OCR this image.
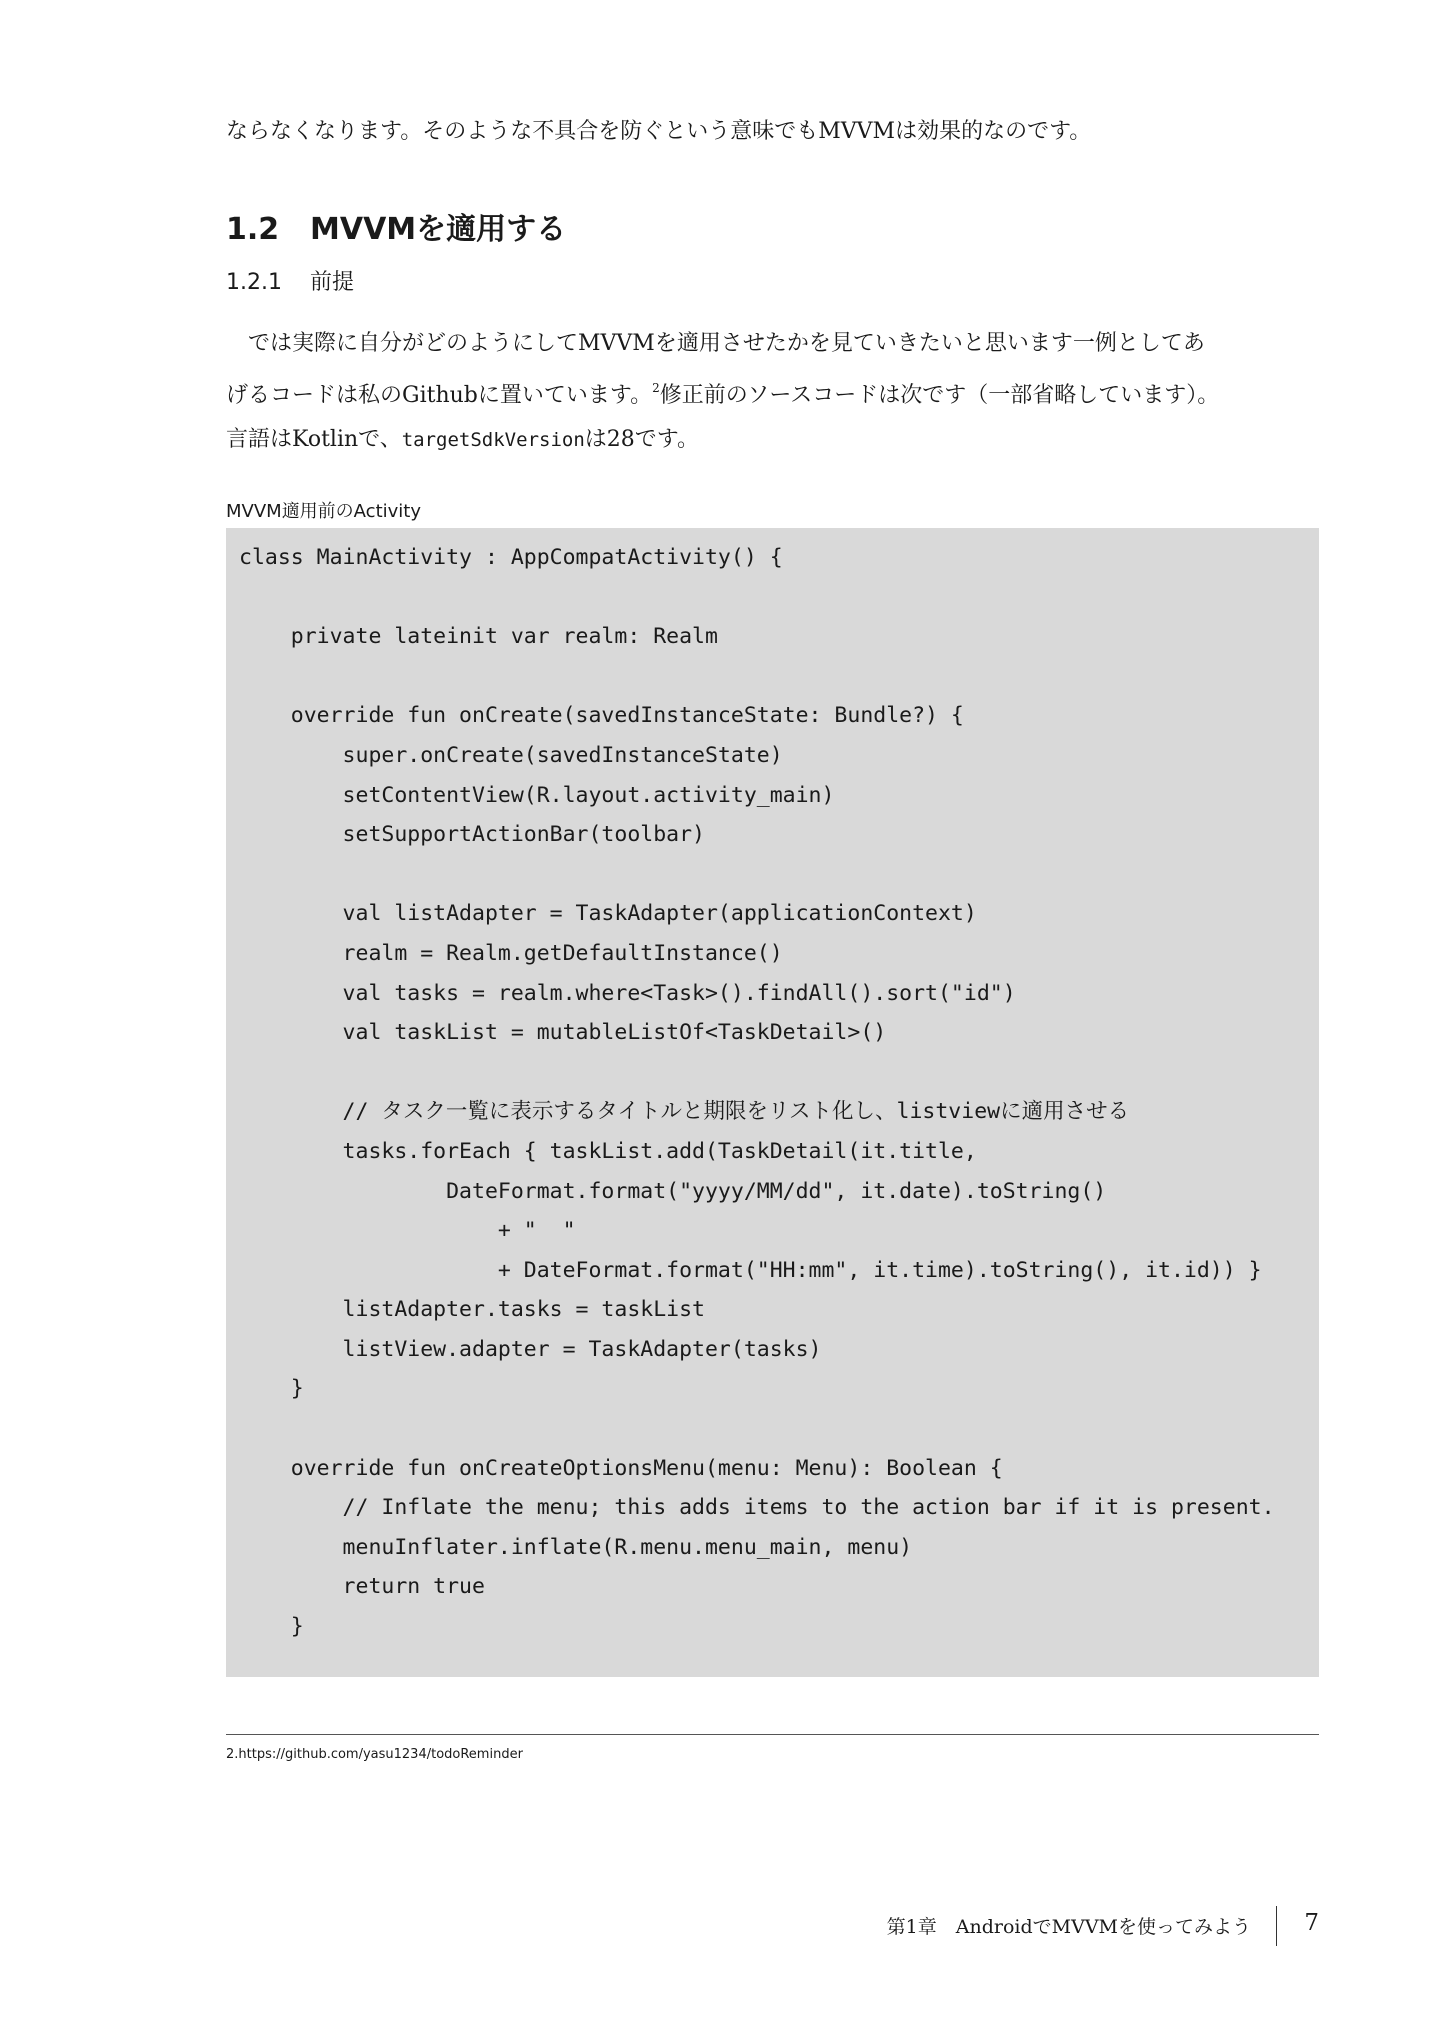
ならなくなります。そのような不具合を防ぐという意味でもMVVMは効果的なのです。

1.2 MVVMを適用する
1.2.1 前提

　では実際に自分がどのようにしてMVVMを適用させたかを見ていきたいと思います一例としてあ
げるコードは私のGithubに置いています。$^2$修正前のソースコードは次です（一部省略しています）。
言語はKotlinで、targetSdkVersionは28です。

MVVM適用前のActivity
class MainActivity : AppCompatActivity() {

private lateinit var realm: Realm

override fun onCreate(savedInstanceState: Bundle?) {
super.onCreate(savedInstanceState)
setContentView(R.layout.activity_main)
setSupportActionBar(toolbar)

val listAdapter = TaskAdapter(applicationContext)
realm = Realm.getDefaultInstance()
val tasks = realm.where<Task>().findAll().sort("id")
val taskList = mutableListOf<TaskDetail>()

// タスク一覧に表示するタイトルと期限をリスト化し、listviewに適用させる
tasks.forEach { taskList.add(TaskDetail(it.title,
DateFormat.format("yyyy/MM/dd", it.date).toString()
+ "  "
+ DateFormat.format("HH:mm", it.time).toString(), it.id)) }
listAdapter.tasks = taskList
listView.adapter = TaskAdapter(tasks)
}

override fun onCreateOptionsMenu(menu: Menu): Boolean {
// Inflate the menu; this adds items to the action bar if it is present.
menuInflater.inflate(R.menu.menu_main, menu)
return true
}
2.https://github.com/yasu1234/todoReminder
第1章　AndroidでMVVMを使ってみよう	7
